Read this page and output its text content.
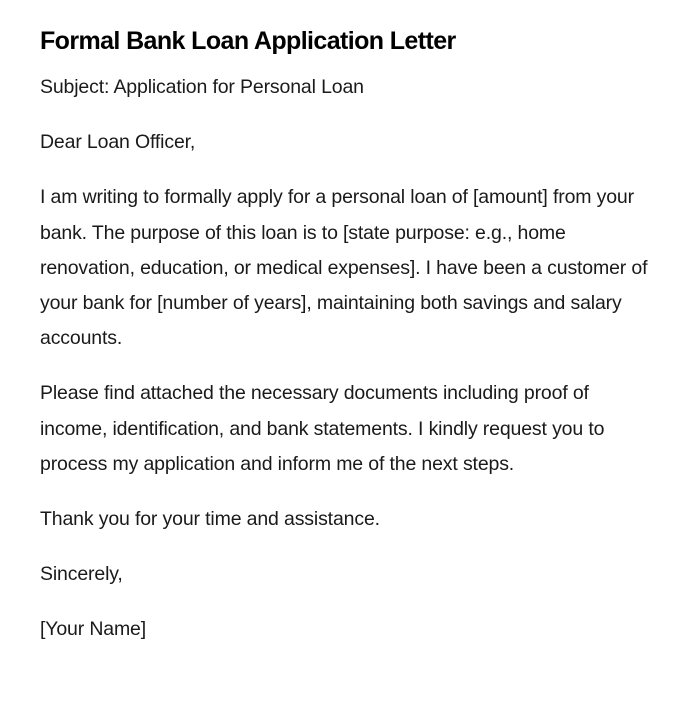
Formal Bank Loan Application Letter

Subject: Application for Personal Loan

Dear Loan Officer,

I am writing to formally apply for a personal loan of [amount] from your bank. The purpose of this loan is to [state purpose: e.g., home renovation, education, or medical expenses]. I have been a customer of your bank for [number of years], maintaining both savings and salary accounts.

Please find attached the necessary documents including proof of income, identification, and bank statements. I kindly request you to process my application and inform me of the next steps.

Thank you for your time and assistance.

Sincerely,

[Your Name]
